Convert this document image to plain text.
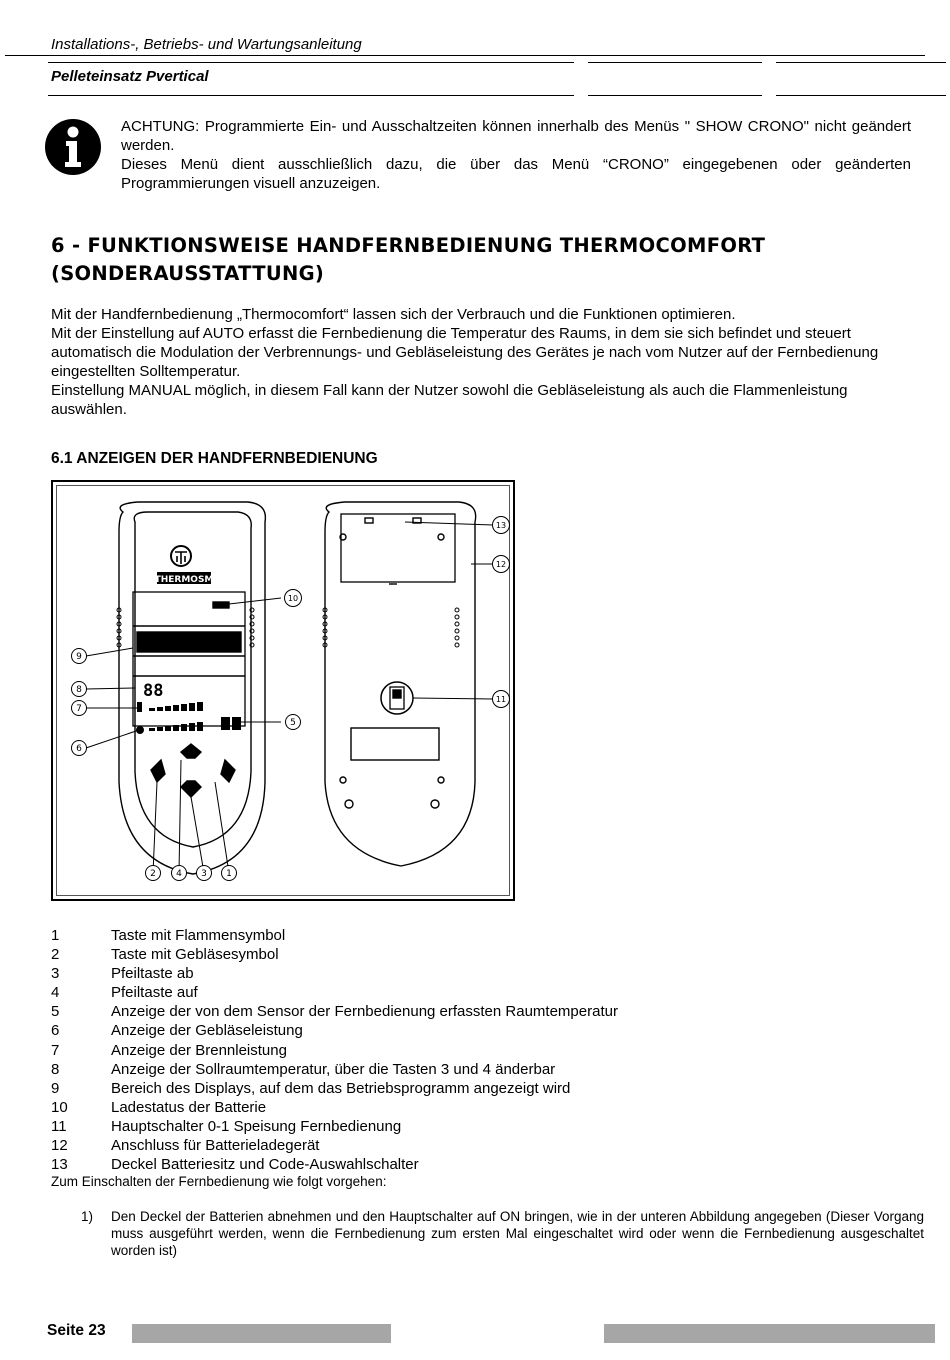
Installations-, Betriebs- und Wartungsanleitung
Pelleteinsatz Pvertical

ACHTUNG: Programmierte Ein- und Ausschaltzeiten können innerhalb des Menüs " SHOW CRONO" nicht geändert werden.

Dieses Menü dient ausschließlich dazu, die über das Menü “CRONO” eingegebenen oder geänderten Programmierungen visuell anzuzeigen.

6 - FUNKTIONSWEISE HANDFERNBEDIENUNG THERMOCOMFORT
(SONDERAUSSTATTUNG)

Mit der Handfernbedienung „Thermocomfort“ lassen sich der Verbrauch und die Funktionen optimieren.

Mit der Einstellung auf AUTO erfasst die Fernbedienung die Temperatur des Raums, in dem sie sich befindet und steuert automatisch die Modulation der Verbrennungs- und Gebläseleistung des Gerätes je nach vom Nutzer auf der Fernbedienung eingestellten Solltemperatur.

Einstellung MANUAL möglich, in diesem Fall kann der Nutzer sowohl die Gebläseleistung als auch die Flammenleistung auswählen.

6.1 ANZEIGEN DER HANDFERNBEDIENUNG
THERMOSM
88
9
8
7
6
10
5
2 4 3 1
13
12
11
1	Taste mit Flammensymbol
2	Taste mit Gebläsesymbol
3	Pfeiltaste ab
4	Pfeiltaste auf
5	Anzeige der von dem Sensor der Fernbedienung erfassten Raumtemperatur
6	Anzeige der Gebläseleistung
7	Anzeige der Brennleistung
8	Anzeige der Sollraumtemperatur, über die Tasten 3 und 4 änderbar
9	Bereich des Displays, auf dem das Betriebsprogramm angezeigt wird
10	Ladestatus der Batterie
11	Hauptschalter 0-1 Speisung Fernbedienung
12	Anschluss für Batterieladegerät
13	Deckel Batteriesitz und Code-Auswahlschalter
Zum Einschalten der Fernbedienung wie folgt vorgehen:
1) Den Deckel der Batterien abnehmen und den Hauptschalter auf ON bringen, wie in der unteren Abbildung angegeben (Dieser Vorgang muss ausgeführt werden, wenn die Fernbedienung zum ersten Mal eingeschaltet wird oder wenn die Fernbedienung ausgeschaltet worden ist)
Seite 23
